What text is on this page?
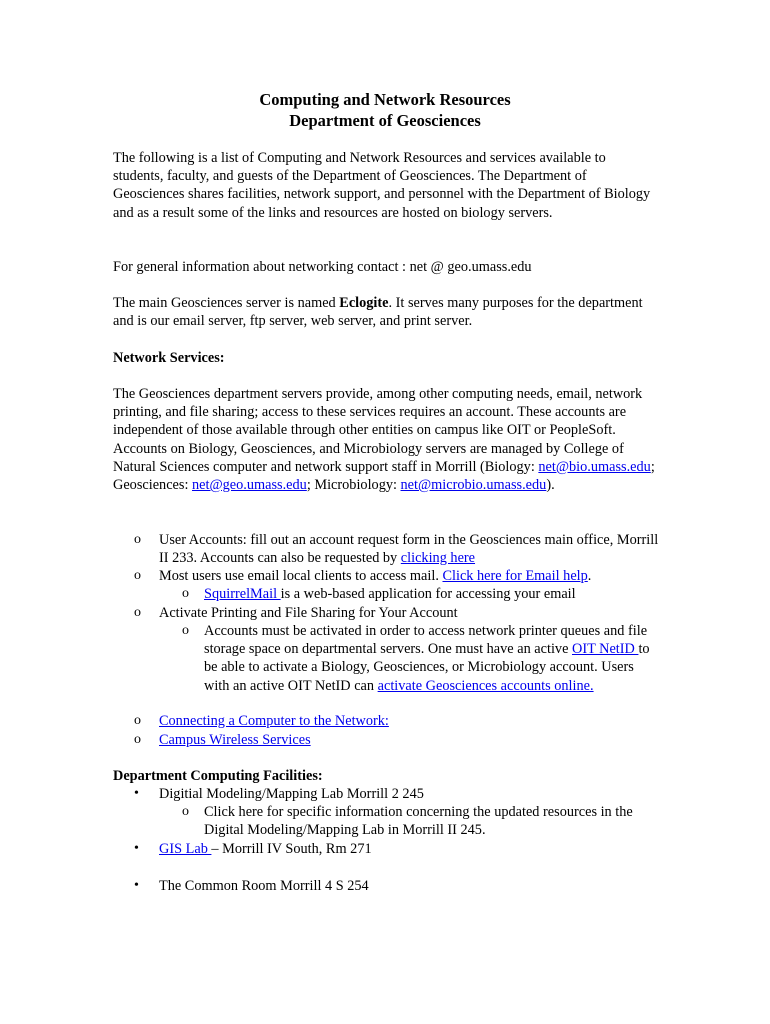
Computing and Network Resources
Department of Geosciences

The following is a list of Computing and Network Resources and services available to students, faculty, and guests of the Department of Geosciences. The Department of Geosciences shares facilities, network support, and personnel with the Department of Biology and as a result some of the links and resources are hosted on biology servers.

For general information about networking contact : net @ geo.umass.edu

The main Geosciences server is named Eclogite. It serves many purposes for the department and is our email server, ftp server, web server, and print server.

Network Services:

The Geosciences department servers provide, among other computing needs, email, network printing, and file sharing; access to these services requires an account. These accounts are independent of those available through other entities on campus like OIT or PeopleSoft. Accounts on Biology, Geosciences, and Microbiology servers are managed by College of Natural Sciences computer and network support staff in Morrill (Biology: net@bio.umass.edu; Geosciences: net@geo.umass.edu; Microbiology: net@microbio.umass.edu).

o User Accounts: fill out an account request form in the Geosciences main office, Morrill II 233. Accounts can also be requested by clicking here
o Most users use email local clients to access mail. Click here for Email help.
o SquirrelMail is a web-based application for accessing your email
o Activate Printing and File Sharing for Your Account
o Accounts must be activated in order to access network printer queues and file storage space on departmental servers. One must have an active OIT NetID to be able to activate a Biology, Geosciences, or Microbiology account. Users with an active OIT NetID can activate Geosciences accounts online.
o Connecting a Computer to the Network:
o Campus Wireless Services

Department Computing Facilities:

• Digitial Modeling/Mapping Lab Morrill 2 245
o Click here for specific information concerning the updated resources in the Digital Modeling/Mapping Lab in Morrill II 245.
• GIS Lab – Morrill IV South, Rm 271
• The Common Room Morrill 4 S 254
